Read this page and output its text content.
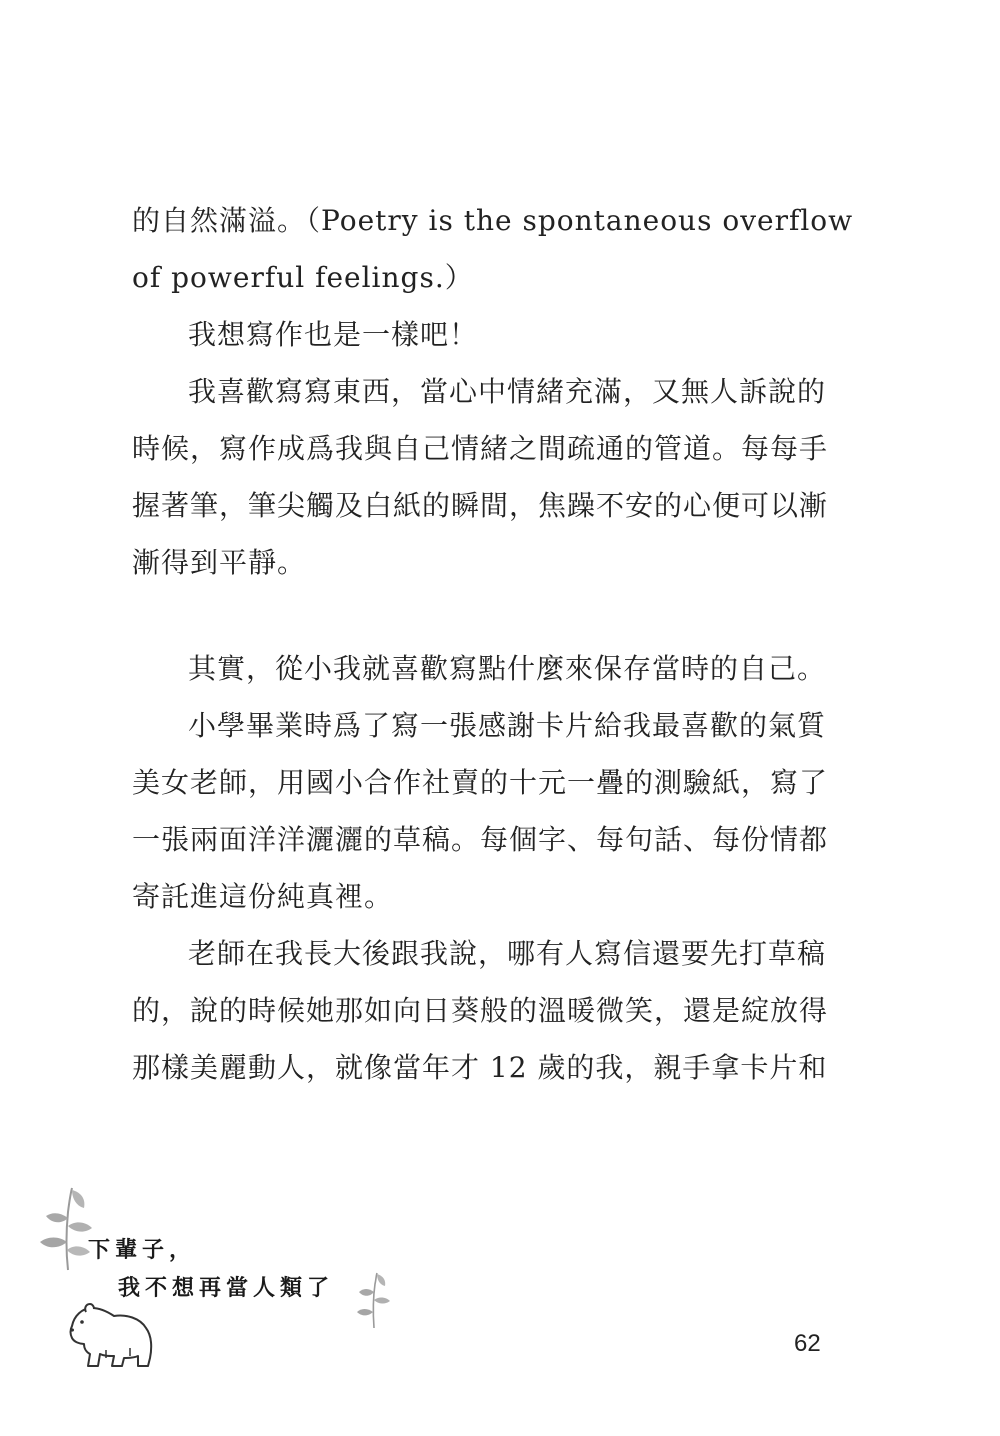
的自然滿溢。（Poetry is the spontaneous overflow
of powerful feelings.）
我想寫作也是一樣吧！
我喜歡寫寫東西，當心中情緒充滿，又無人訴說的
時候，寫作成爲我與自己情緒之間疏通的管道。每每手
握著筆，筆尖觸及白紙的瞬間，焦躁不安的心便可以漸
漸得到平靜。
其實，從小我就喜歡寫點什麼來保存當時的自己。
小學畢業時爲了寫一張感謝卡片給我最喜歡的氣質
美女老師，用國小合作社賣的十元一疊的測驗紙，寫了
一張兩面洋洋灑灑的草稿。每個字、每句話、每份情都
寄託進這份純真裡。
老師在我長大後跟我說，哪有人寫信還要先打草稿
的，說的時候她那如向日葵般的溫暖微笑，還是綻放得
那樣美麗動人，就像當年才 12 歲的我，親手拿卡片和
下輩子，
我不想再當人類了
62
